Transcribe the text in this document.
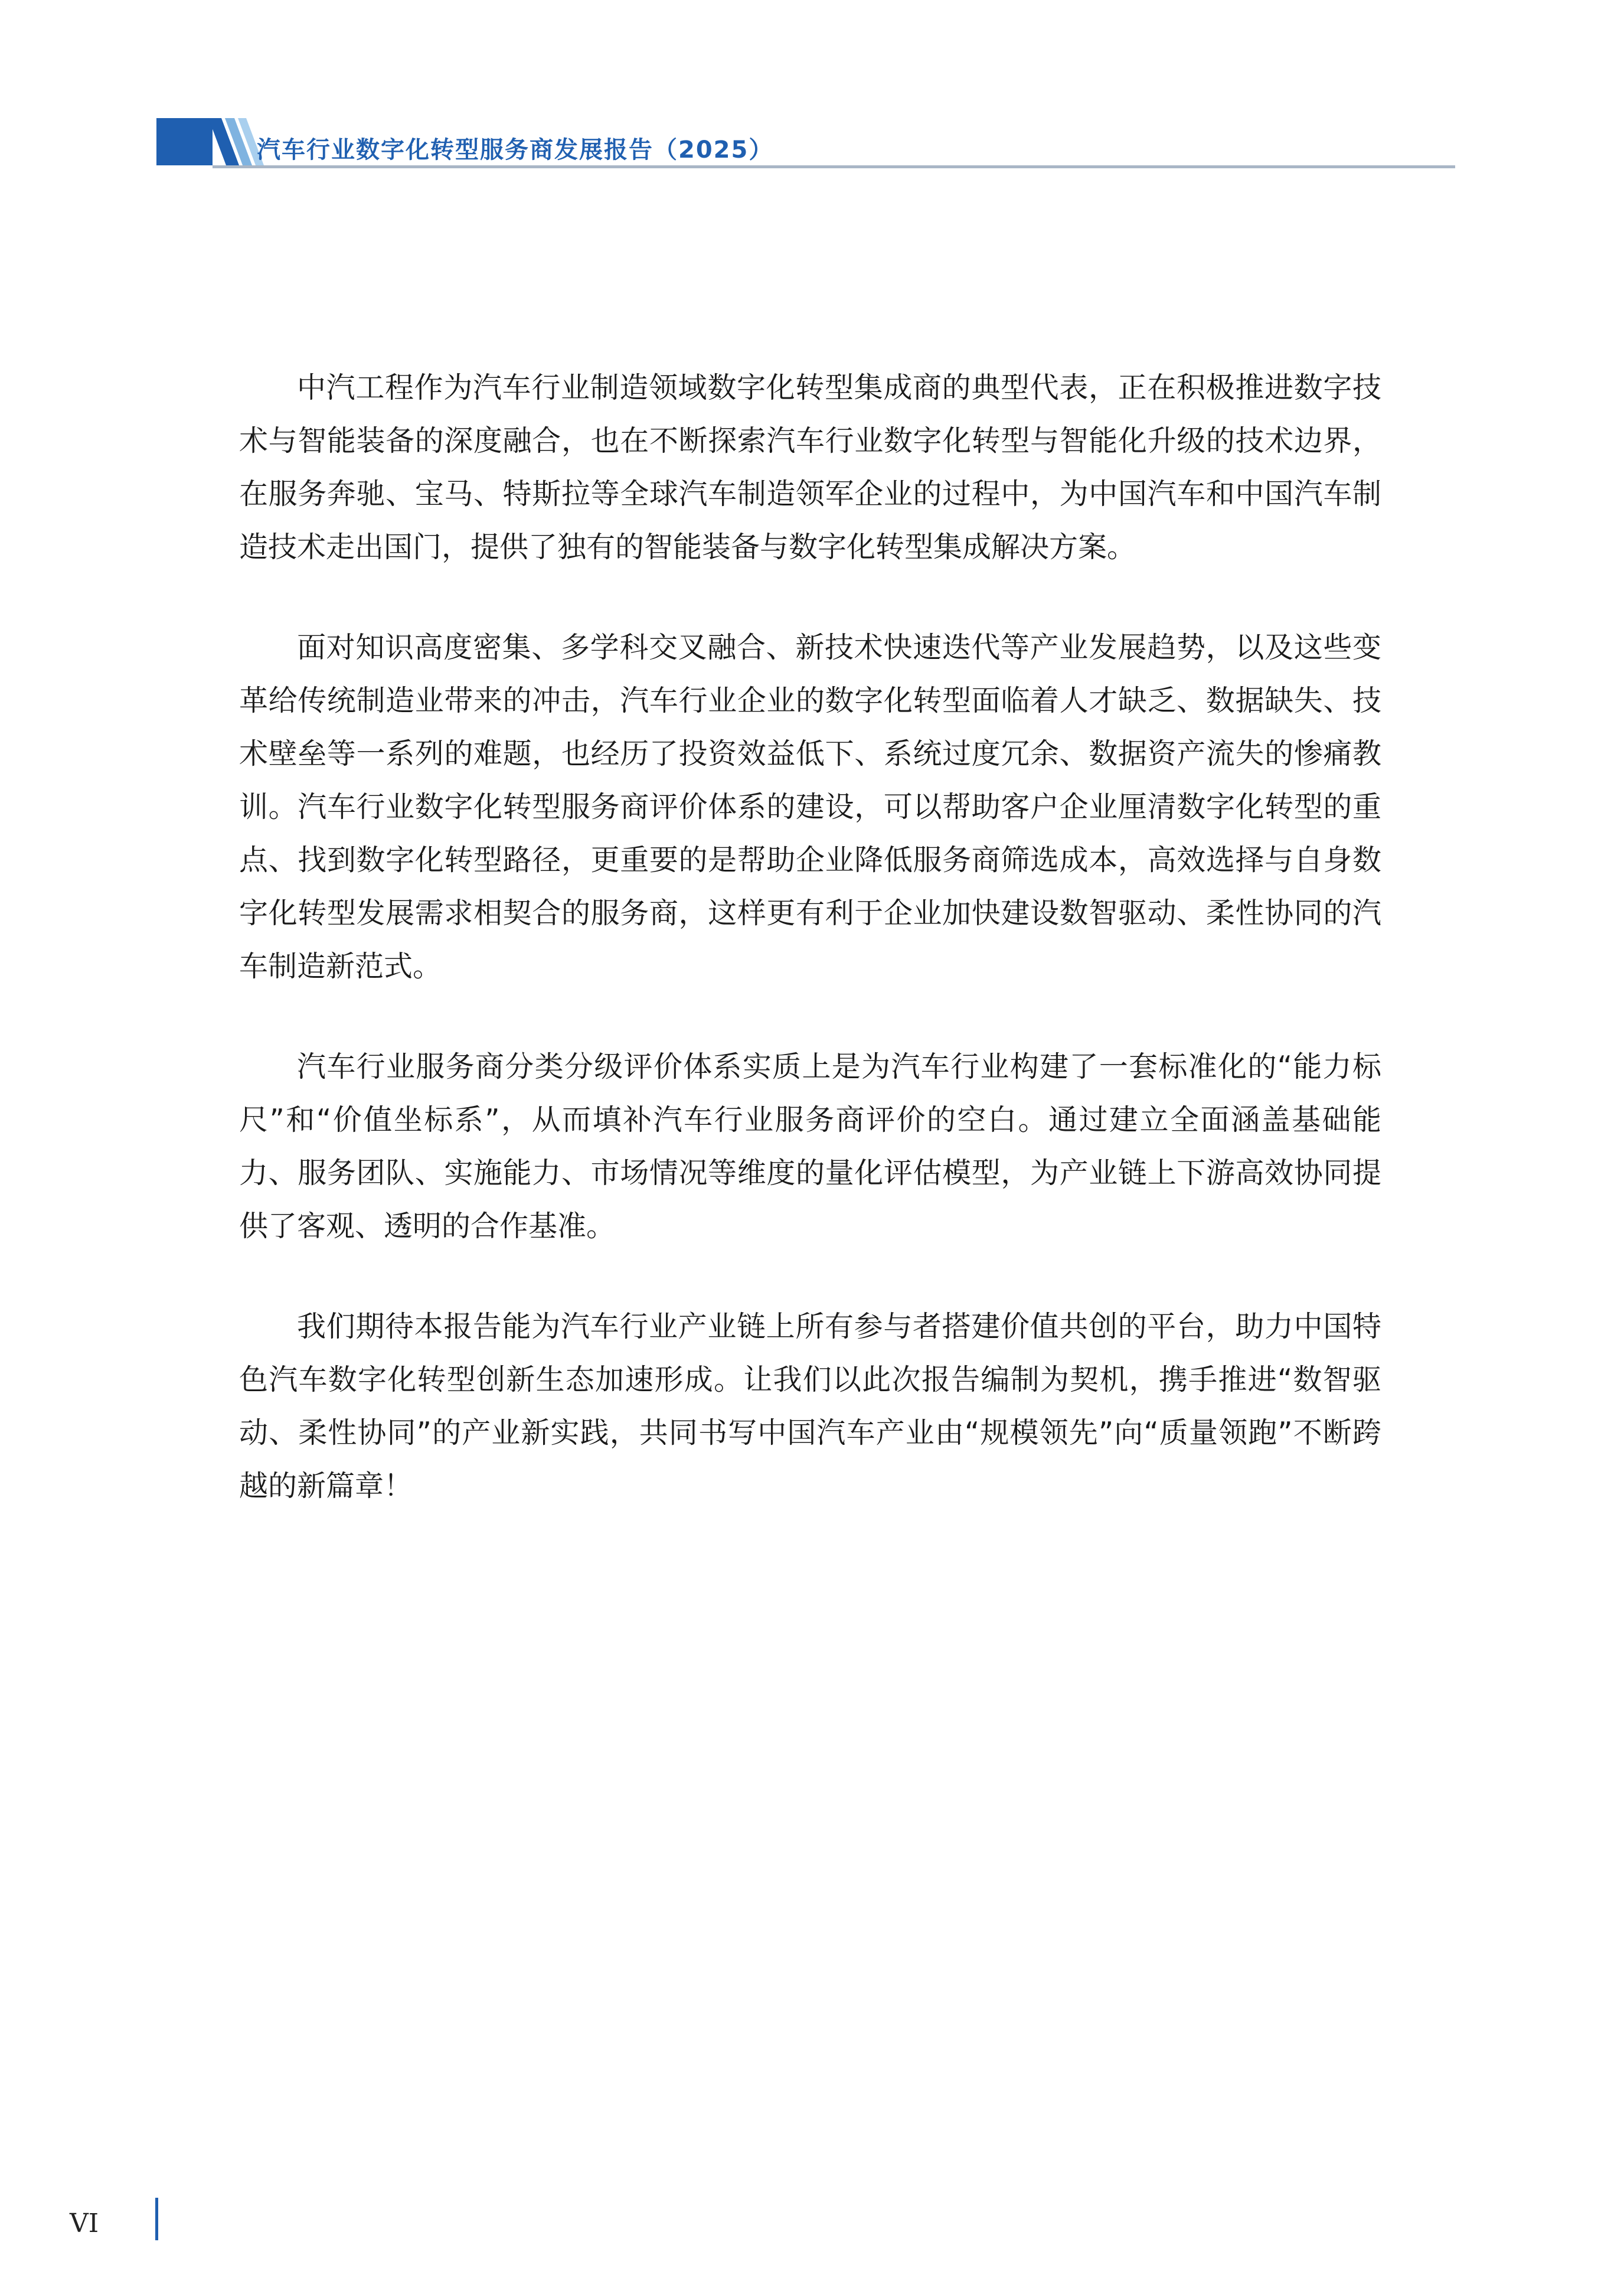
汽车行业数字化转型服务商发展报告（2025）

中汽工程作为汽车行业制造领域数字化转型集成商的典型代表，正在积极推进数字技术与智能装备的深度融合，也在不断探索汽车行业数字化转型与智能化升级的技术边界，在服务奔驰、宝马、特斯拉等全球汽车制造领军企业的过程中，为中国汽车和中国汽车制造技术走出国门，提供了独有的智能装备与数字化转型集成解决方案。

面对知识高度密集、多学科交叉融合、新技术快速迭代等产业发展趋势，以及这些变革给传统制造业带来的冲击，汽车行业企业的数字化转型面临着人才缺乏、数据缺失、技术壁垒等一系列的难题，也经历了投资效益低下、系统过度冗余、数据资产流失的惨痛教训。汽车行业数字化转型服务商评价体系的建设，可以帮助客户企业厘清数字化转型的重点、找到数字化转型路径，更重要的是帮助企业降低服务商筛选成本，高效选择与自身数字化转型发展需求相契合的服务商，这样更有利于企业加快建设数智驱动、柔性协同的汽车制造新范式。

汽车行业服务商分类分级评价体系实质上是为汽车行业构建了一套标准化的“能力标尺”和“价值坐标系”，从而填补汽车行业服务商评价的空白。通过建立全面涵盖基础能力、服务团队、实施能力、市场情况等维度的量化评估模型，为产业链上下游高效协同提供了客观、透明的合作基准。

我们期待本报告能为汽车行业产业链上所有参与者搭建价值共创的平台，助力中国特色汽车数字化转型创新生态加速形成。让我们以此次报告编制为契机，携手推进“数智驱动、柔性协同”的产业新实践，共同书写中国汽车产业由“规模领先”向“质量领跑”不断跨越的新篇章！

VI
